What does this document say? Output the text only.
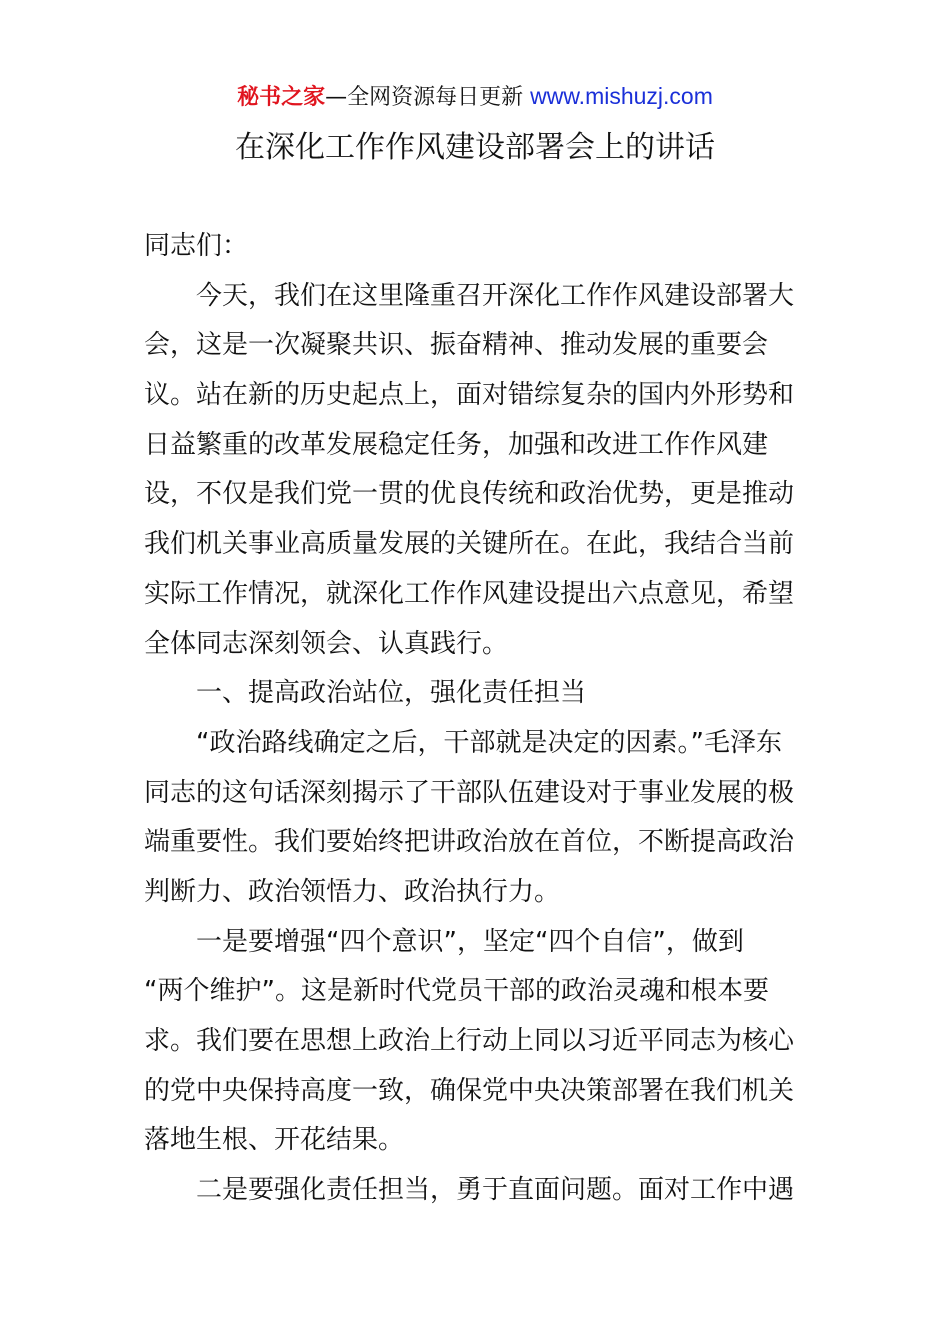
秘书之家—全网资源每日更新 www.mishuzj.com
在深化工作作风建设部署会上的讲话
同志们：
今天，我们在这里隆重召开深化工作作风建设部署大
会，这是一次凝聚共识、振奋精神、推动发展的重要会
议。站在新的历史起点上，面对错综复杂的国内外形势和
日益繁重的改革发展稳定任务，加强和改进工作作风建
设，不仅是我们党一贯的优良传统和政治优势，更是推动
我们机关事业高质量发展的关键所在。在此，我结合当前
实际工作情况，就深化工作作风建设提出六点意见，希望
全体同志深刻领会、认真践行。
一、提高政治站位，强化责任担当
“政治路线确定之后，干部就是决定的因素。”毛泽东
同志的这句话深刻揭示了干部队伍建设对于事业发展的极
端重要性。我们要始终把讲政治放在首位，不断提高政治
判断力、政治领悟力、政治执行力。
一是要增强“四个意识”，坚定“四个自信”，做到
“两个维护”。这是新时代党员干部的政治灵魂和根本要
求。我们要在思想上政治上行动上同以习近平同志为核心
的党中央保持高度一致，确保党中央决策部署在我们机关
落地生根、开花结果。
二是要强化责任担当，勇于直面问题。面对工作中遇
